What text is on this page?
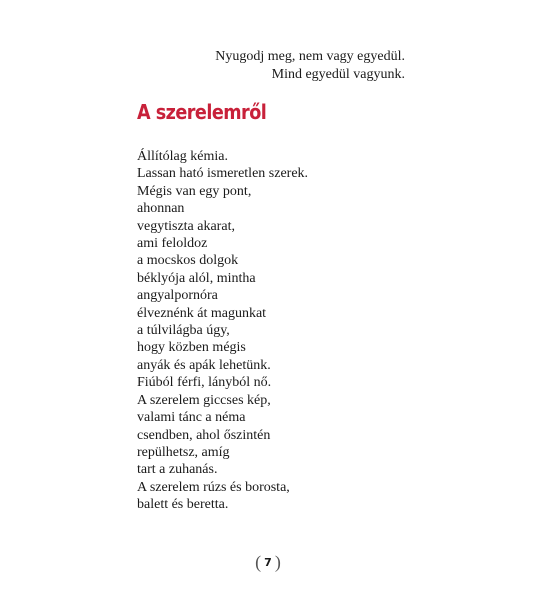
Nyugodj meg, nem vagy egyedül.
Mind egyedül vagyunk.
A szerelemről
Állítólag kémia.
Lassan ható ismeretlen szerek.
Mégis van egy pont,
ahonnan
vegytiszta akarat,
ami feloldoz
a mocskos dolgok
béklyója alól, mintha
angyalpornóra
élveznénk át magunkat
a túlvilágba úgy,
hogy közben mégis
anyák és apák lehetünk.
Fiúból férfi, lányból nő.
A szerelem giccses kép,
valami tánc a néma
csendben, ahol őszintén
repülhetsz, amíg
tart a zuhanás.
A szerelem rúzs és borosta,
balett és beretta.
( 7 )
